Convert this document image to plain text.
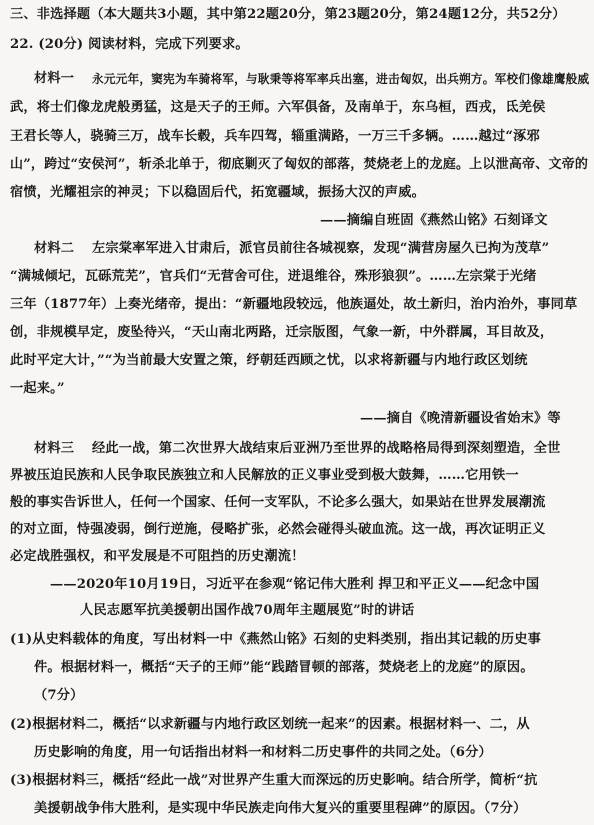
三、非选择题（本大题共3小题，其中第22题20分，第23题20分，第24题12分，共52分）
22. (20分) 阅读材料，完成下列要求。
材料一 永元元年，窦宪为车骑将军，与耿秉等将军率兵出塞，进击匈奴，出兵朔方。军校们像雄鹰般威
武，将士们像龙虎般勇猛，这是天子的王师。六军俱备，及南单于，东乌桓，西戎，氐羌侯
王君长等人，骁骑三万，战车长毂，兵车四驾，辎重满路，一万三千多辆。……越过“涿邪
山”，跨过“安侯河”，斩杀北单于，彻底剿灭了匈奴的部落，焚烧老上的龙庭。上以泄高帝、文帝的
宿愤，光耀祖宗的神灵；下以稳固后代，拓宽疆域，振扬大汉的声威。
——摘编自班固《燕然山铭》石刻译文
材料二 左宗棠率军进入甘肃后，派官员前往各城视察，发现“满营房屋久已拘为茂草”
“满城倾圮，瓦砾荒芜”，官兵们“无营舍可住，迸退维谷，殊形狼狈”。……左宗棠于光绪
三年（1877年）上奏光绪帝，提出：“新疆地段较远，他族逼处，故土新归，治内治外，事同草
创，非规模早定，废坠待兴，“天山南北两路，迁宗版图，气象一新，中外群属，耳目故及，
此时平定大计，”“为当前最大安置之策，纾朝廷西顾之忧，以求将新疆与内地行政区划统
一起来。”
——摘自《晚清新疆设省始末》等
材料三 经此一战，第二次世界大战结束后亚洲乃至世界的战略格局得到深刻塑造，全世
界被压迫民族和人民争取民族独立和人民解放的正义事业受到极大鼓舞，……它用铁一
般的事实告诉世人，任何一个国家、任何一支军队，不论多么强大，如果站在世界发展潮流
的对立面，恃强凌弱，倒行逆施，侵略扩张，必然会碰得头破血流。这一战，再次证明正义
必定战胜强权，和平发展是不可阻挡的历史潮流！
——2020年10月19日，习近平在参观“铭记伟大胜利 捍卫和平正义——纪念中国
人民志愿军抗美援朝出国作战70周年主题展览”时的讲话
(1)从史料载体的角度，写出材料一中《燕然山铭》石刻的史料类别，指出其记载的历史事
件。根据材料一，概括“天子的王师”能“践踏冒顿的部落，焚烧老上的龙庭”的原因。
（7分）
(2)根据材料二，概括“以求新疆与内地行政区划统一起来”的因素。根据材料一、二，从
历史影响的角度，用一句话指出材料一和材料二历史事件的共同之处。（6分）
(3)根据材料三，概括“经此一战”对世界产生重大而深远的历史影响。结合所学，简析“抗
美援朝战争伟大胜利，是实现中华民族走向伟大复兴的重要里程碑”的原因。（7分）
